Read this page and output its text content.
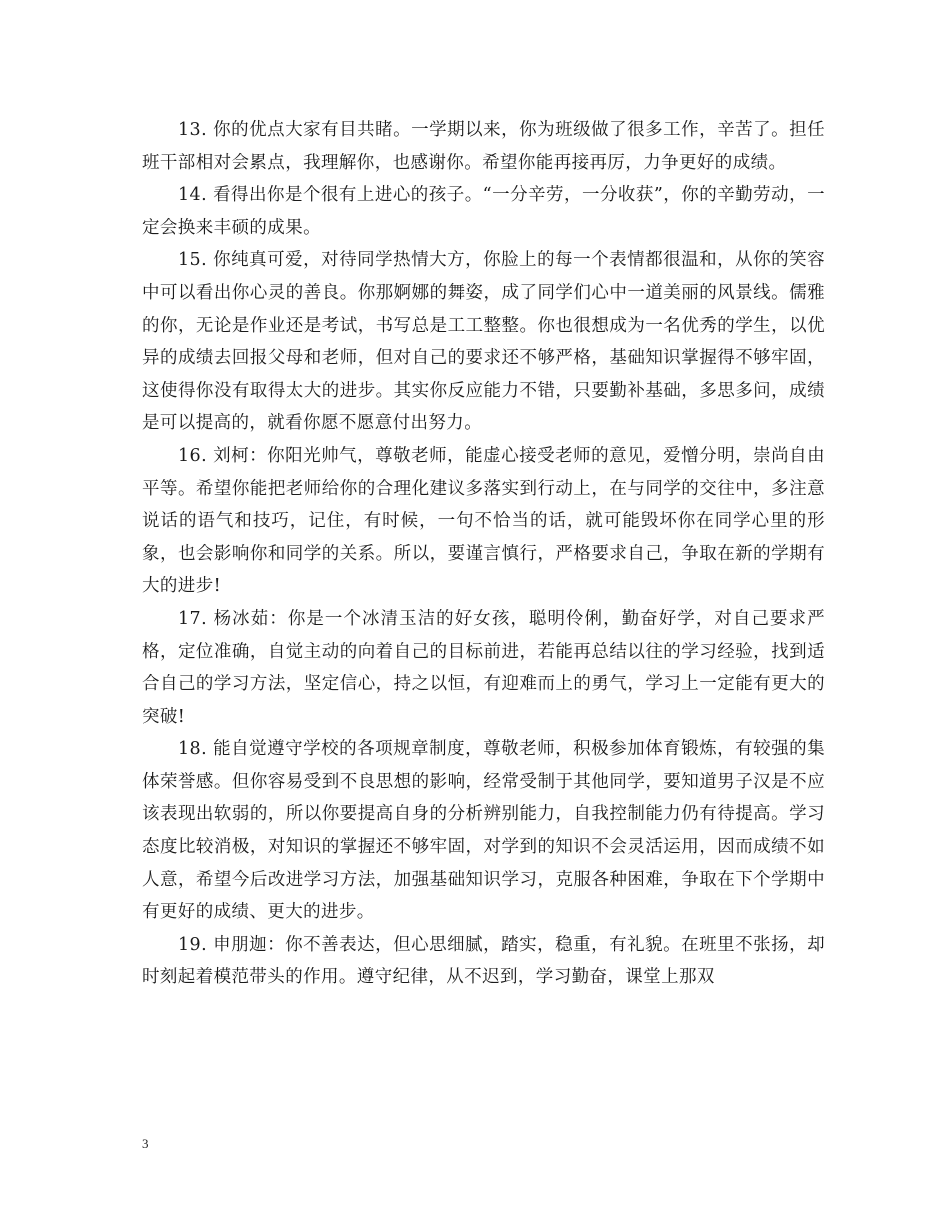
13. 你的优点大家有目共睹。一学期以来，你为班级做了很多工作，辛苦了。担任班干部相对会累点，我理解你，也感谢你。希望你能再接再厉，力争更好的成绩。

14. 看得出你是个很有上进心的孩子。“一分辛劳，一分收获”，你的辛勤劳动，一定会换来丰硕的成果。

15. 你纯真可爱，对待同学热情大方，你脸上的每一个表情都很温和，从你的笑容中可以看出你心灵的善良。你那婀娜的舞姿，成了同学们心中一道美丽的风景线。儒雅的你，无论是作业还是考试，书写总是工工整整。你也很想成为一名优秀的学生，以优异的成绩去回报父母和老师，但对自己的要求还不够严格，基础知识掌握得不够牢固，这使得你没有取得太大的进步。其实你反应能力不错，只要勤补基础，多思多问，成绩是可以提高的，就看你愿不愿意付出努力。

16. 刘柯：你阳光帅气，尊敬老师，能虚心接受老师的意见，爱憎分明，崇尚自由平等。希望你能把老师给你的合理化建议多落实到行动上，在与同学的交往中，多注意说话的语气和技巧，记住，有时候，一句不恰当的话，就可能毁坏你在同学心里的形象，也会影响你和同学的关系。所以，要谨言慎行，严格要求自己，争取在新的学期有大的进步!

17. 杨冰茹：你是一个冰清玉洁的好女孩，聪明伶俐，勤奋好学，对自己要求严格，定位准确，自觉主动的向着自己的目标前进，若能再总结以往的学习经验，找到适合自己的学习方法，坚定信心，持之以恒，有迎难而上的勇气，学习上一定能有更大的突破!

18. 能自觉遵守学校的各项规章制度，尊敬老师，积极参加体育锻炼，有较强的集体荣誉感。但你容易受到不良思想的影响，经常受制于其他同学，要知道男子汉是不应该表现出软弱的，所以你要提高自身的分析辨别能力，自我控制能力仍有待提高。学习态度比较消极，对知识的掌握还不够牢固，对学到的知识不会灵活运用，因而成绩不如人意，希望今后改进学习方法，加强基础知识学习，克服各种困难，争取在下个学期中有更好的成绩、更大的进步。

19. 申朋迦：你不善表达，但心思细腻，踏实，稳重，有礼貌。在班里不张扬，却时刻起着模范带头的作用。遵守纪律，从不迟到，学习勤奋，课堂上那双

3
